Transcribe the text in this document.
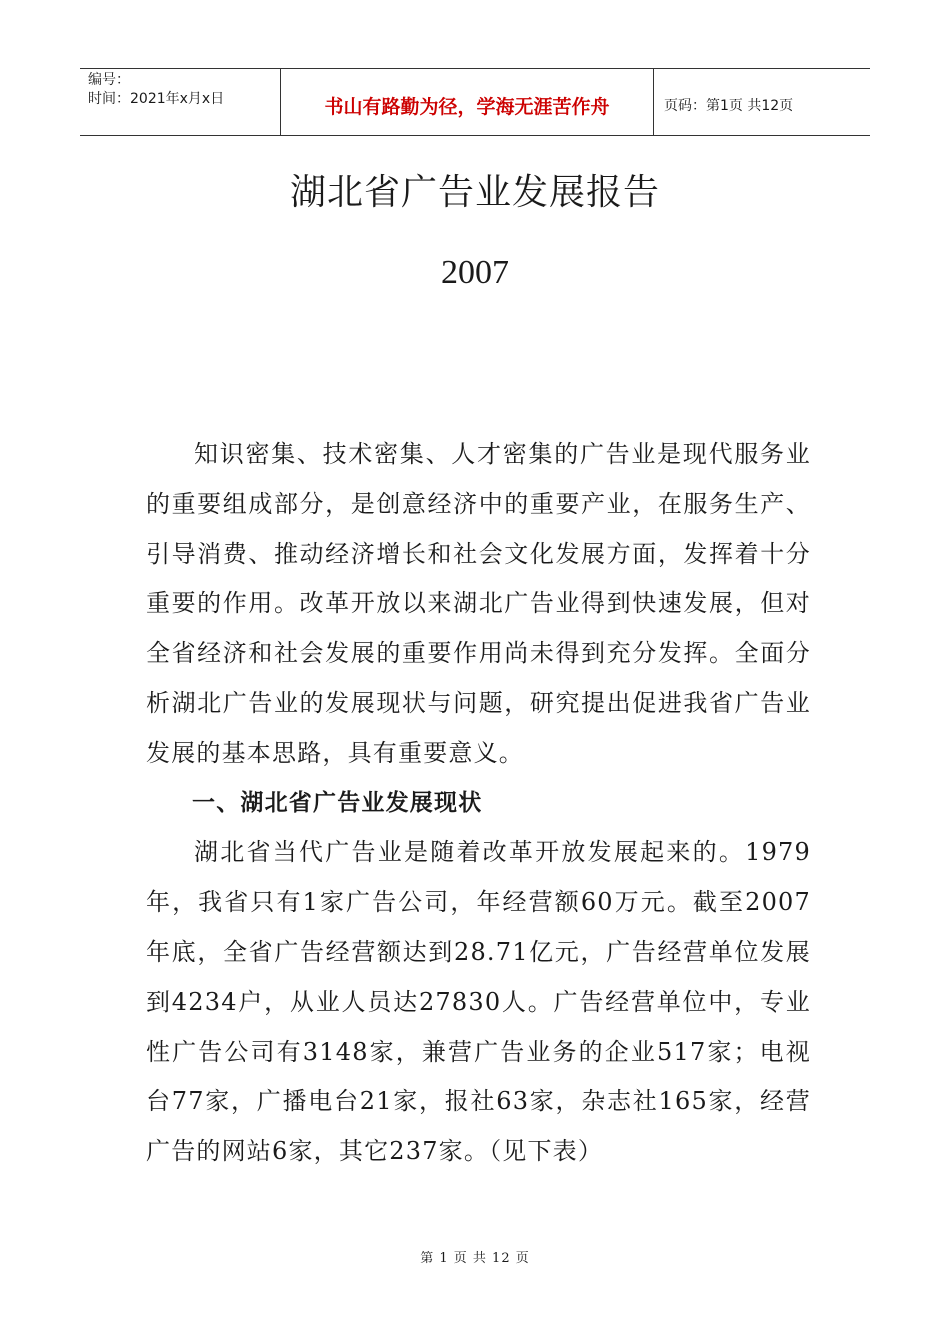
编号：
时间：2021年x月x日	书山有路勤为径，学海无涯苦作舟	页码：第1页 共12页
湖北省广告业发展报告
2007

知识密集、技术密集、人才密集的广告业是现代服务业的重要组成部分，是创意经济中的重要产业，在服务生产、引导消费、推动经济增长和社会文化发展方面，发挥着十分重要的作用。改革开放以来湖北广告业得到快速发展，但对全省经济和社会发展的重要作用尚未得到充分发挥。全面分析湖北广告业的发展现状与问题，研究提出促进我省广告业发展的基本思路，具有重要意义。

一、湖北省广告业发展现状

湖北省当代广告业是随着改革开放发展起来的。1979年，我省只有1家广告公司，年经营额60万元。截至2007年底，全省广告经营额达到28.71亿元，广告经营单位发展到4234户，从业人员达27830人。广告经营单位中，专业性广告公司有3148家，兼营广告业务的企业517家；电视台77家，广播电台21家，报社63家，杂志社165家，经营广告的网站6家，其它237家。（见下表）

第 1 页 共 12 页
